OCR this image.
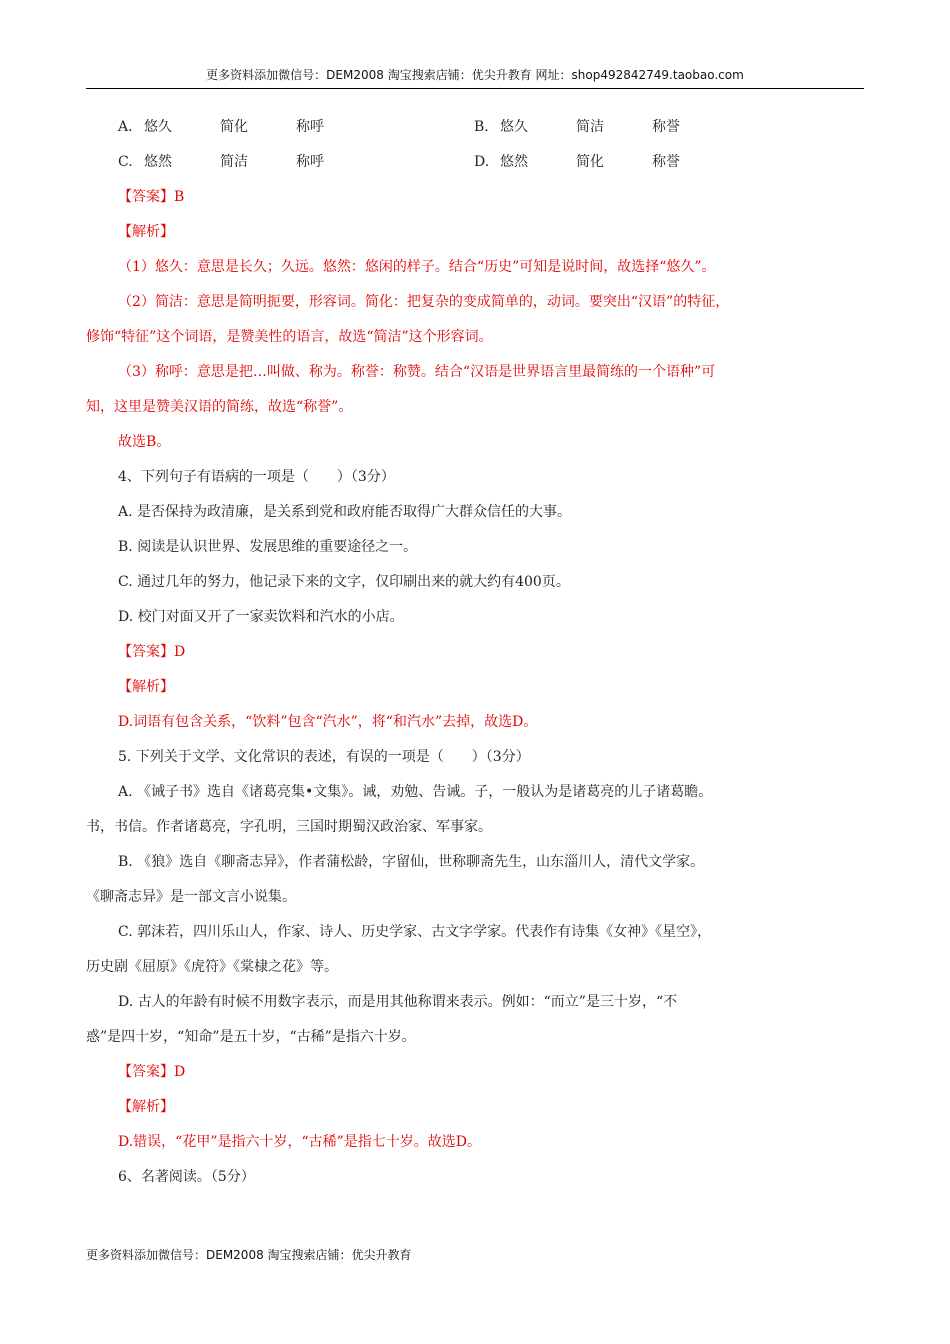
更多资料添加微信号：DEM2008 淘宝搜索店铺：优尖升教育 网址：shop492842749.taobao.com
A. 悠久	简化	称呼	B. 悠久	简洁	称誉
C. 悠然	简洁	称呼	D. 悠然	简化	称誉
【答案】B
【解析】
（1）悠久：意思是长久；久远。悠然：悠闲的样子。结合“历史”可知是说时间，故选择“悠久”。
（2）简洁：意思是简明扼要，形容词。简化：把复杂的变成简单的，动词。要突出“汉语”的特征，
修饰“特征”这个词语，是赞美性的语言，故选“简洁”这个形容词。
（3）称呼：意思是把…叫做、称为。称誉：称赞。结合“汉语是世界语言里最简练的一个语种”可
知，这里是赞美汉语的简练，故选“称誉”。
故选B。
4、下列句子有语病的一项是（　　）（3分）
A. 是否保持为政清廉，是关系到党和政府能否取得广大群众信任的大事。
B. 阅读是认识世界、发展思维的重要途径之一。
C. 通过几年的努力，他记录下来的文字，仅印刷出来的就大约有400页。
D. 校门对面又开了一家卖饮料和汽水的小店。
【答案】D
【解析】
D.词语有包含关系，“饮料”包含“汽水”，将“和汽水”去掉，故选D。
5. 下列关于文学、文化常识的表述，有误的一项是（　　）（3分）
A. 《诫子书》选自《诸葛亮集•文集》。诫，劝勉、告诫。子，一般认为是诸葛亮的儿子诸葛瞻。
书，书信。作者诸葛亮，字孔明，三国时期蜀汉政治家、军事家。
B. 《狼》选自《聊斋志异》，作者蒲松龄，字留仙，世称聊斋先生，山东淄川人，清代文学家。
《聊斋志异》是一部文言小说集。
C. 郭沫若，四川乐山人，作家、诗人、历史学家、古文字学家。代表作有诗集《女神》《星空》，
历史剧《屈原》《虎符》《棠棣之花》等。
D. 古人的年龄有时候不用数字表示，而是用其他称谓来表示。例如：“而立”是三十岁，“不
惑”是四十岁，“知命”是五十岁，“古稀”是指六十岁。
【答案】D
【解析】
D.错误，“花甲”是指六十岁，“古稀”是指七十岁。故选D。
6、名著阅读。（5分）
更多资料添加微信号：DEM2008 淘宝搜索店铺：优尖升教育
